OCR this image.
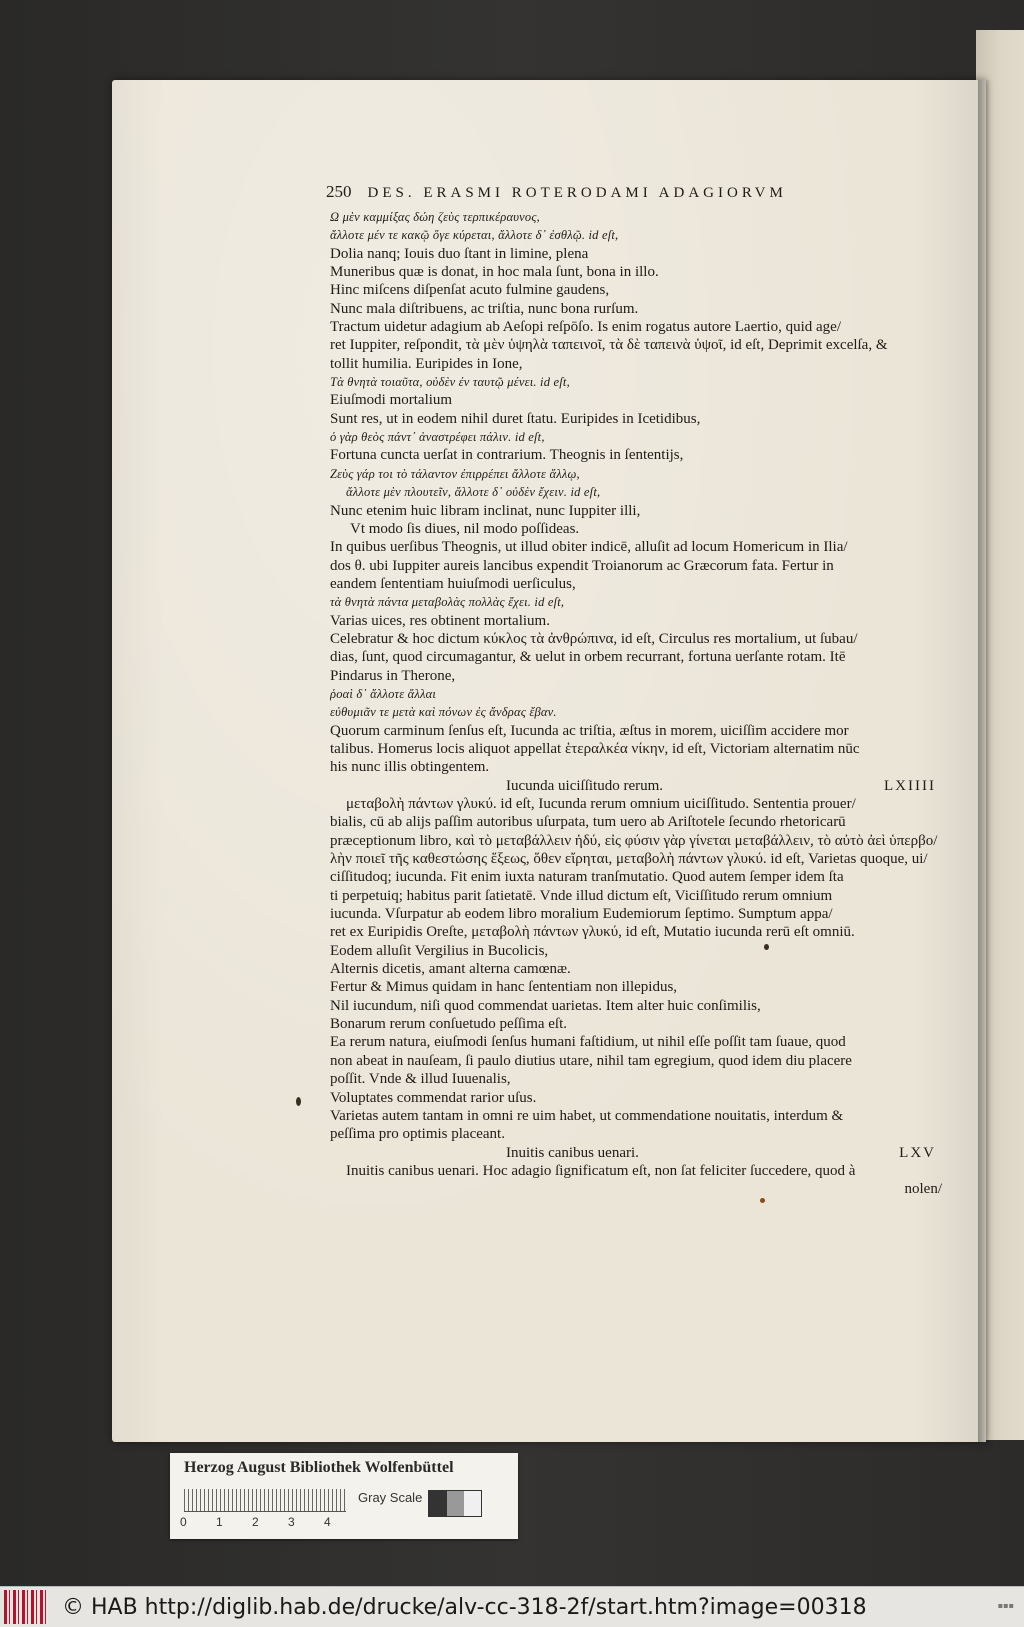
250 DES. ERASMI ROTERODAMI ADAGIORVM
Ω μὲν καμμίξας δώη ζεὺς τερπικέραυνος,
ἄλλοτε μέν τε κακῷ ὅγε κύρεται, ἄλλοτε δ᾽ ἐσθλῷ. id eſt,
Dolia nanq; Iouis duo ſtant in limine, plena
Muneribus quæ is donat, in hoc mala ſunt, bona in illo.
Hinc miſcens diſpenſat acuto fulmine gaudens,
Nunc mala diſtribuens, ac triſtia, nunc bona rurſum.
Tractum uidetur adagium ab Aeſopi reſpōſo. Is enim rogatus autore Laertio, quid age/
ret Iuppiter, reſpondit, τὰ μὲν ὑψηλὰ ταπεινοῖ, τὰ δὲ ταπεινὰ ὑψοῖ, id eſt, Deprimit excelſa, &
tollit humilia. Euripides in Ione,
Τὰ θνητὰ τοιαῦτα, οὐδὲν ἐν ταυτῷ μένει. id eſt,
Eiuſmodi mortalium
Sunt res, ut in eodem nihil duret ſtatu. Euripides in Icetidibus,
ὁ γὰρ θεὸς πάντ᾽ ἀναστρέφει πάλιν. id eſt,
Fortuna cuncta uerſat in contrarium. Theognis in ſententijs,
Ζεὺς γάρ τοι τὸ τάλαντον ἐπιρρέπει ἄλλοτε ἄλλῳ,
ἄλλοτε μὲν πλουτεῖν, ἄλλοτε δ᾽ οὐδὲν ἔχειν. id eſt,
Nunc etenim huic libram inclinat, nunc Iuppiter illi,
Vt modo ſis diues, nil modo poſſideas.
In quibus uerſibus Theognis, ut illud obiter indicē, alluſit ad locum Homericum in Ilia/
dos θ. ubi Iuppiter aureis lancibus expendit Troianorum ac Græcorum fata. Fertur in
eandem ſententiam huiuſmodi uerſiculus,
τὰ θνητὰ πάντα μεταβολὰς πολλὰς ἔχει. id eſt,
Varias uices, res obtinent mortalium.
Celebratur & hoc dictum κύκλος τὰ ἀνθρώπινα, id eſt, Circulus res mortalium, ut ſubau/
dias, ſunt, quod circumagantur, & uelut in orbem recurrant, fortuna uerſante rotam. Itē
Pindarus in Therone,
ῥοαὶ δ᾽ ἄλλοτε ἄλλαι
εὐθυμιᾶν τε μετὰ καὶ πόνων ἐς ἄνδρας ἔβαν.
Quorum carminum ſenſus eſt, Iucunda ac triſtia, æſtus in morem, uiciſſim accidere mor
talibus. Homerus locis aliquot appellat ἑτεραλκέα νίκην, id eſt, Victoriam alternatim nūc
his nunc illis obtingentem.
Iucunda uiciſſitudo rerum.	LXIIII
μεταβολὴ πάντων γλυκύ. id eſt, Iucunda rerum omnium uiciſſitudo. Sententia prouer/
bialis, cū ab alijs paſſim autoribus uſurpata, tum uero ab Ariſtotele ſecundo rhetoricarū
præceptionum libro, καὶ τὸ μεταβάλλειν ἡδύ, εἰς φύσιν γὰρ γίνεται μεταβάλλειν, τὸ αὐτὸ ἀεὶ ὑπερβο/
λὴν ποιεῖ τῆς καθεστώσης ἕξεως, ὅθεν εἴρηται, μεταβολὴ πάντων γλυκύ. id eſt, Varietas quoque, ui/
ciſſitudoq; iucunda. Fit enim iuxta naturam tranſmutatio. Quod autem ſemper idem ſta
ti perpetuiq; habitus parit ſatietatē. Vnde illud dictum eſt, Viciſſitudo rerum omnium
iucunda. Vſurpatur ab eodem libro moralium Eudemiorum ſeptimo. Sumptum appa/
ret ex Euripidis Oreſte, μεταβολὴ πάντων γλυκύ, id eſt, Mutatio iucunda rerū eſt omniū.
Eodem alluſit Vergilius in Bucolicis,
Alternis dicetis, amant alterna camœnæ.
Fertur & Mimus quidam in hanc ſententiam non illepidus,
Nil iucundum, niſi quod commendat uarietas. Item alter huic conſimilis,
Bonarum rerum conſuetudo peſſima eſt.
Ea rerum natura, eiuſmodi ſenſus humani faſtidium, ut nihil eſſe poſſit tam ſuaue, quod
non abeat in nauſeam, ſi paulo diutius utare, nihil tam egregium, quod idem diu placere
poſſit. Vnde & illud Iuuenalis,
Voluptates commendat rarior uſus.
Varietas autem tantam in omni re uim habet, ut commendatione nouitatis, interdum &
peſſima pro optimis placeant.
Inuitis canibus uenari.	LXV
Inuitis canibus uenari. Hoc adagio ſignificatum eſt, non ſat feliciter ſuccedere, quod à
nolen/
Herzog August Bibliothek Wolfenbüttel
0	1	2	3	4
Gray Scale
© HAB http://diglib.hab.de/drucke/alv-cc-318-2f/start.htm?image=00318	▪▪▪
